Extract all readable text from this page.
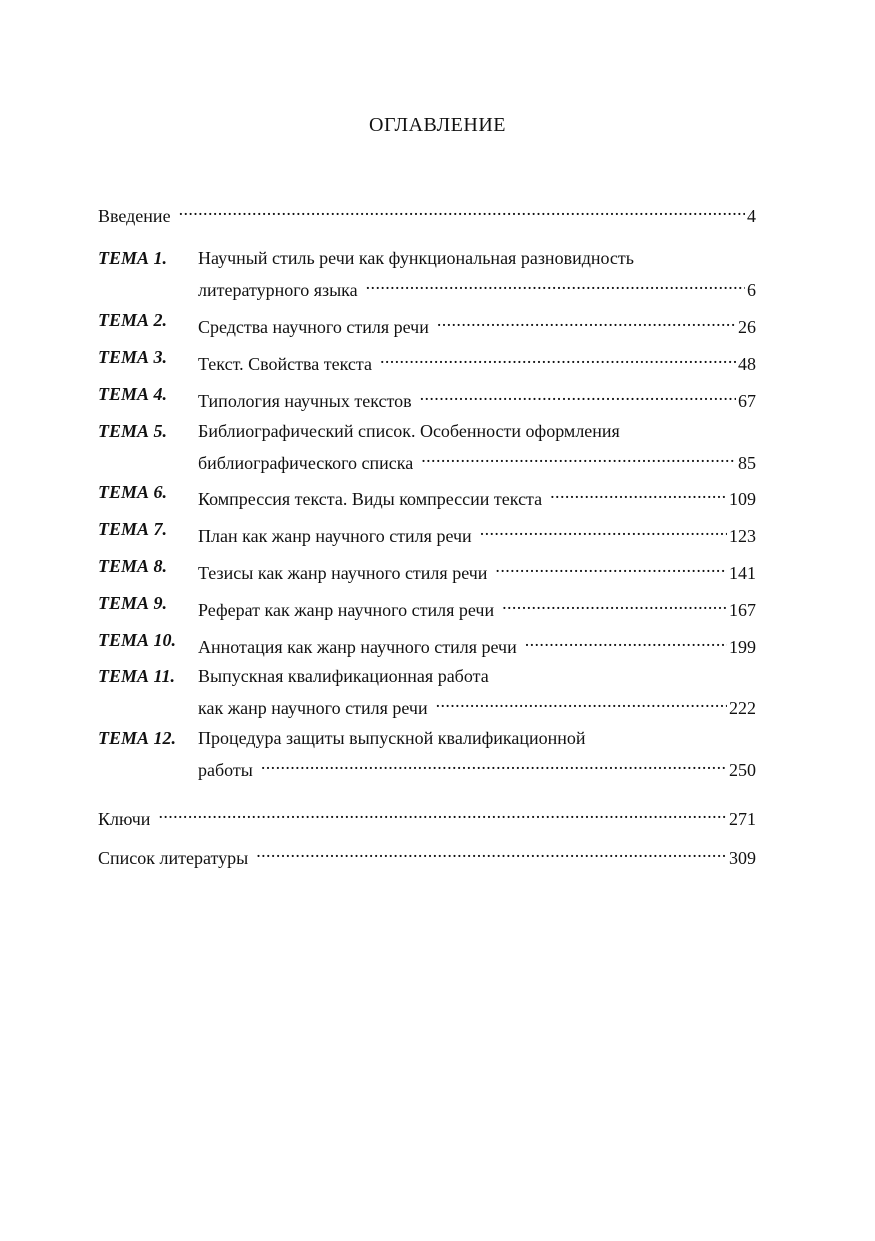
ОГЛАВЛЕНИЕ
Введение .....	4
ТЕМА 1. Научный стиль речи как функциональная разновидность
литературного языка .....	6
ТЕМА 2. Средства научного стиля речи .....	26
ТЕМА 3. Текст. Свойства текста .....	48
ТЕМА 4. Типология научных текстов .....	67
ТЕМА 5. Библиографический список. Особенности оформления
библиографического списка .....	85
ТЕМА 6. Компрессия текста. Виды компрессии текста .....	109
ТЕМА 7. План как жанр научного стиля речи .....	123
ТЕМА 8. Тезисы как жанр научного стиля речи .....	141
ТЕМА 9. Реферат как жанр научного стиля речи .....	167
ТЕМА 10. Аннотация как жанр научного стиля речи .....	199
ТЕМА 11. Выпускная квалификационная работа
как жанр научного стиля речи .....	222
ТЕМА 12. Процедура защиты выпускной квалификационной
работы .....	250
Ключи .....	271
Список литературы .....	309
